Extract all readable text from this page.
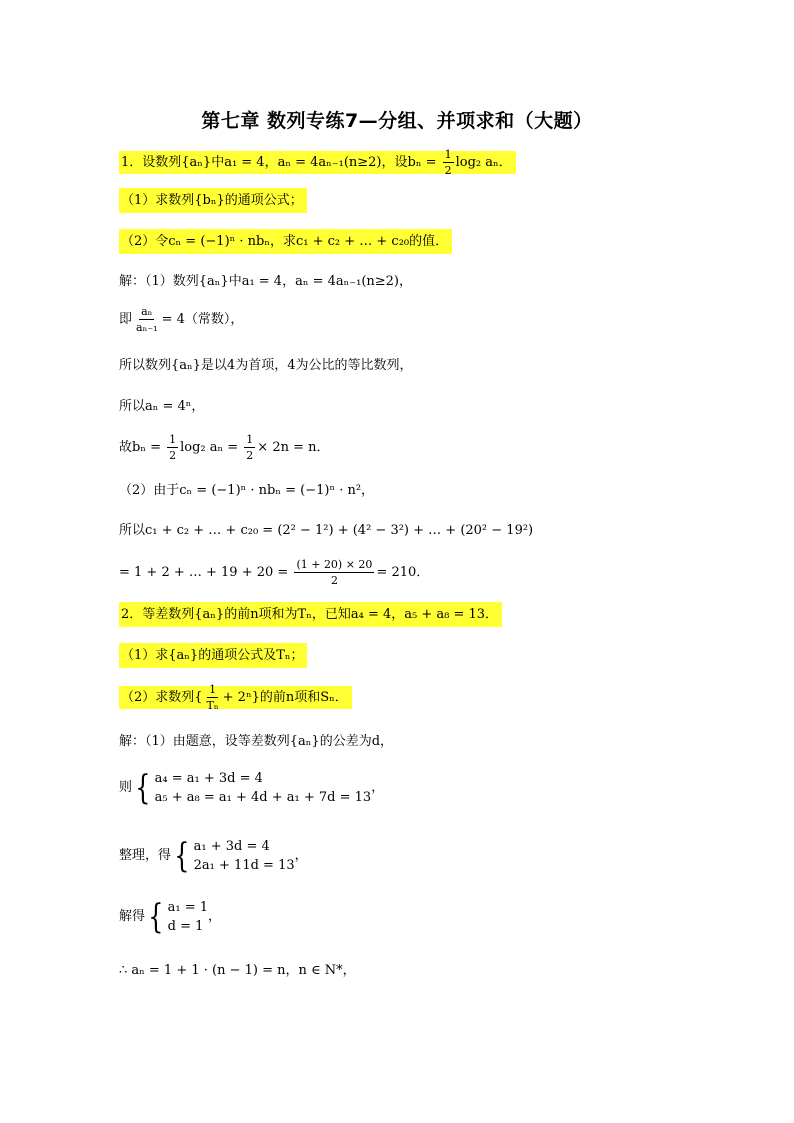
第七章 数列专练7—分组、并项求和（大题）
1．设数列{aₙ}中a₁ = 4，aₙ = 4aₙ₋₁(n≥2)，设$b_n = \frac{1}{2} \log_2$ aₙ．
（1）求数列{bₙ}的通项公式；
（2）令cₙ = (−1)ⁿ · nbₙ，求c₁ + c₂ + … + c₂₀的值．
解：（1）数列{aₙ}中a₁ = 4，aₙ = 4aₙ₋₁(n≥2)，
即 $\frac{\text{aₙ}}{\text{aₙ₋₁}} = 4$（常数），
所以数列{aₙ}是以4为首项，4为公比的等比数列，
所以aₙ = 4ⁿ，
故$b_n = \frac{1}{2} \log_2$ $a_n = \frac{1}{2} \times 2n = n$．
（2）由于cₙ = (−1)ⁿ · nbₙ = (−1)ⁿ · n²，
所以c₁ + c₂ + … + c₂₀ = (2² − 1²) + (4² − 3²) + … + (20² − 19²)
= 1 + 2 + … + $19 + 20 = \frac{(1 + 20) \times 20}{2} = 210$．
2．等差数列{aₙ}的前n项和为Tₙ，已知a₄ = 4，a₅ + a₈ = 13．
（1）求{aₙ}的通项公式及Tₙ；
（2）求数列{ $\frac{1}{\text{Tₙ}} + 2^n$}的前n项和Sₙ．
解：（1）由题意，设等差数列{aₙ}的公差为d，
则 { a₄ = a₁ + 3d = 4
a₅ + a₈ = a₁ + 4d + a₁ + 7d = 13
，
整理，得 { a₁ + 3d = 4
2a₁ + 11d = 13
，
解得 { a₁ = 1
d = 1
，
∴ aₙ = 1 + 1 · (n − 1) = n，n ∈ N*，
